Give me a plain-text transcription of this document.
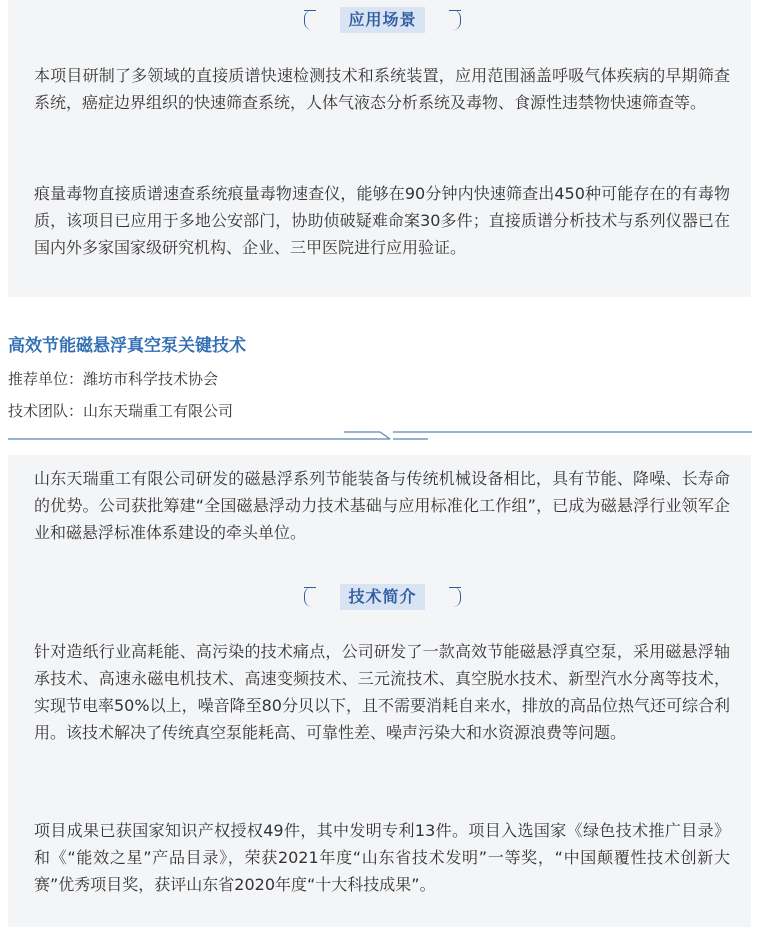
应用场景

本项目研制了多领域的直接质谱快速检测技术和系统装置，应用范围涵盖呼吸气体疾病的早期筛查系统，癌症边界组织的快速筛查系统，人体气液态分析系统及毒物、食源性违禁物快速筛查等。

痕量毒物直接质谱速查系统痕量毒物速查仪，能够在90分钟内快速筛查出450种可能存在的有毒物质，该项目已应用于多地公安部门，协助侦破疑难命案30多件；直接质谱分析技术与系列仪器已在国内外多家国家级研究机构、企业、三甲医院进行应用验证。

高效节能磁悬浮真空泵关键技术

推荐单位：潍坊市科学技术协会

技术团队：山东天瑞重工有限公司

山东天瑞重工有限公司研发的磁悬浮系列节能装备与传统机械设备相比，具有节能、降噪、长寿命的优势。公司获批筹建“全国磁悬浮动力技术基础与应用标准化工作组”，已成为磁悬浮行业领军企业和磁悬浮标准体系建设的牵头单位。

技术简介

针对造纸行业高耗能、高污染的技术痛点，公司研发了一款高效节能磁悬浮真空泵，采用磁悬浮轴承技术、高速永磁电机技术、高速变频技术、三元流技术、真空脱水技术、新型汽水分离等技术，实现节电率50%以上，噪音降至80分贝以下，且不需要消耗自来水，排放的高品位热气还可综合利用。该技术解决了传统真空泵能耗高、可靠性差、噪声污染大和水资源浪费等问题。

项目成果已获国家知识产权授权49件，其中发明专利13件。项目入选国家《绿色技术推广目录》和《“能效之星”产品目录》，荣获2021年度“山东省技术发明”一等奖，“中国颠覆性技术创新大赛”优秀项目奖，获评山东省2020年度“十大科技成果”。
